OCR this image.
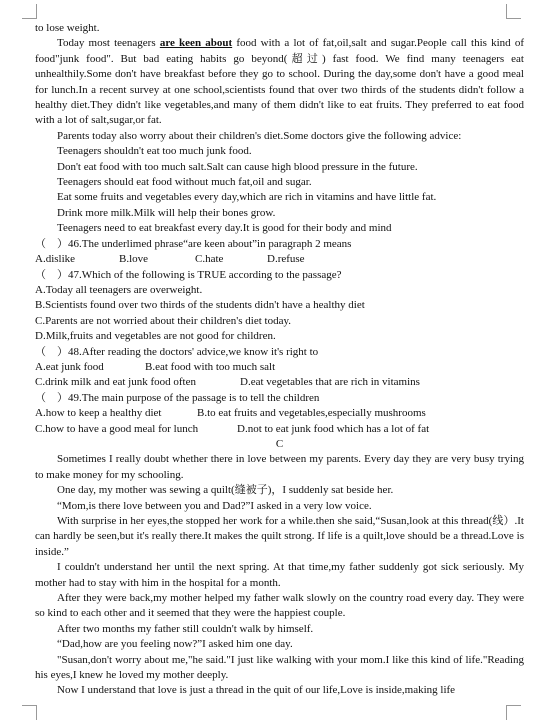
to lose weight.

Today most teenagers are keen about food with a lot of fat,oil,salt and sugar.People call this kind of food"junk food". But bad eating habits go beyond(超过) fast food. We find many teenagers eat unhealthily.Some don't have breakfast before they go to school. During the day,some don't have a good meal for lunch.In a recent survey at one school,scientists found that over two thirds of the students didn't follow a healthy diet.They didn't like vegetables,and many of them didn't like to eat fruits. They preferred to eat food with a lot of salt,sugar,or fat.

Parents today also worry about their children's diet.Some doctors give the following advice:

Teenagers shouldn't eat too much junk food.

Don't eat food with too much salt.Salt can cause high blood pressure in the future.

Teenagers should eat food without much fat,oil and sugar.

Eat some fruits and vegetables every day,which are rich in vitamins and have little fat.

Drink more milk.Milk will help their bones grow.

Teenagers need to eat breakfast every day.It is good for their body and mind

（　）46.The underlimed phrase“are keen about”in paragraph 2 means

A.dislike	B.love	C.hate	D.refuse

（　）47.Which of the following is TRUE according to the passage?

A.Today all teenagers are overweight.

B.Scientists found over two thirds of the students didn't have a healthy diet

C.Parents are not worried about their children's diet today.

D.Milk,fruits and vegetables are not good for children.

（　）48.After reading the doctors' advice,we know it's right to

A.eat junk food	B.eat food with too much salt
C.drink milk and eat junk food often	D.eat vegetables that are rich in vitamins

（　）49.The main purpose of the passage is to tell the children

A.how to keep a healthy diet	B.to eat fruits and vegetables,especially mushrooms
C.how to have a good meal for lunch	D.not to eat junk food which has a lot of fat

C

Sometimes I really doubt whether there in love between my parents. Every day they are very busy trying to make money for my schooling.

One day, my mother was sewing a quilt(缝被子)，I suddenly sat beside her.

“Mom,is there love between you and Dad?”I asked in a very low voice.

With surprise in her eyes,the stopped her work for a while.then she said,“Susan,look at this thread(线）.It can hardly be seen,but it's really there.It makes the quilt strong. If life is a quilt,love should be a thread.Love is inside.”

I couldn't understand her until the next spring. At that time,my father suddenly got sick seriously. My mother had to stay with him in the hospital for a month.

After they were back,my mother helped my father walk slowly on the country road every day. They were so kind to each other and it seemed that they were the happiest couple.

After two months my father still couldn't walk by himself.

“Dad,how are you feeling now?”I asked him one day.

"Susan,don't worry about me,"he said."I just like walking with your mom.I like this kind of life."Reading his eyes,I knew he loved my mother deeply.

Now I understand that love is just a thread in the quit of our life,Love is inside,making life
